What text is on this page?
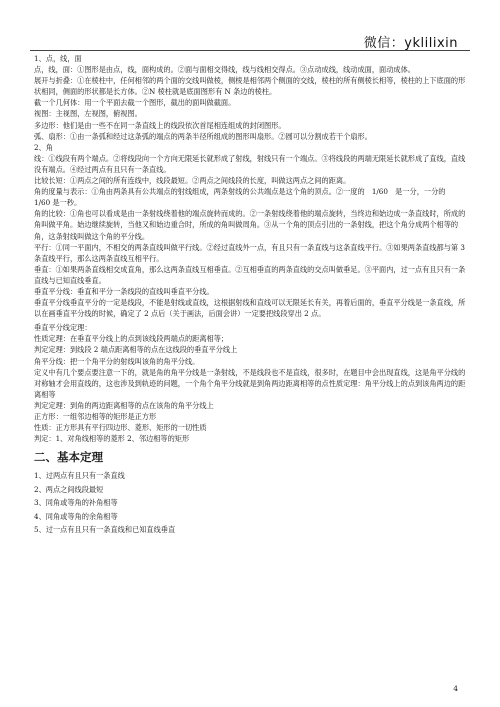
微信：yklilixin

1、点，线，面

点，线，面：①图形是由点，线，面构成的。②面与面相交得线，线与线相交得点。③点动成线，线动成面，面动成体。

展开与折叠：①在棱柱中，任何相邻的两个面的交线叫做棱，侧棱是相邻两个侧面的交线，棱柱的所有侧棱长相等，棱柱的上下底面的形状相同，侧面的形状都是长方体。②N 棱柱就是底面图形有 N 条边的棱柱。

截一个几何体：用一个平面去截一个图形，截出的面叫做截面。

视图：主视图，左视图，俯视图。

多边形：他们是由一些不在同一条直线上的线段依次首尾相连组成的封闭图形。

弧、扇形：①由一条弧和经过这条弧的端点的两条半径所组成的图形叫扇形。②圆可以分割成若干个扇形。

2、角

线：①线段有两个端点。②将线段向一个方向无限延长就形成了射线，射线只有一个端点。③将线段的两端无限延长就形成了直线，直线没有端点。④经过两点有且只有一条直线。

比较长短：①两点之间的所有连线中，线段最短。②两点之间线段的长度，叫做这两点之间的距离。

角的度量与表示：①角由两条具有公共端点的射线组成，两条射线的公共端点是这个角的顶点。②一度的　1/60　是一分，一分的　1/60 是一秒。

角的比较：①角也可以看成是由一条射线绕着他的端点旋转而成的。②一条射线绕着他的端点旋转，当终边和始边成一条直线时，所成的角叫做平角。始边继续旋转，当他又和始边重合时，所成的角叫做周角。③从一个角的顶点引出的一条射线，把这个角分成两个相等的角，这条射线叫做这个角的平分线。

平行：①同一平面内，不相交的两条直线叫做平行线。②经过直线外一点，有且只有一条直线与这条直线平行。③如果两条直线都与第 3 条直线平行，那么这两条直线互相平行。

垂直：①如果两条直线相交成直角，那么这两条直线互相垂直。②互相垂直的两条直线的交点叫做垂足。③平面内，过一点有且只有一条直线与已知直线垂直。

垂直平分线：垂直和平分一条线段的直线叫垂直平分线。

垂直平分线垂直平分的一定是线段，不能是射线或直线，这根据射线和直线可以无限延长有关，再着后面的，垂直平分线是一条直线，所以在画垂直平分线的时候，确定了 2 点后（关于画法，后面会讲）一定要把线段穿出 2 点。

垂直平分线定理：

性质定理：在垂直平分线上的点到该线段两端点的距离相等；

判定定理：到线段 2 端点距离相等的点在这线段的垂直平分线上

角平分线：把一个角平分的射线叫该角的角平分线。

定义中有几个要点要注意一下的，就是角的角平分线是一条射线，不是线段也不是直线，很多时，在题目中会出现直线，这是角平分线的对称轴才会用直线的，这也涉及到轨迹的问题，一个角个角平分线就是到角两边距离相等的点性质定理：角平分线上的点到该角两边的距离相等

判定定理：到角的两边距离相等的点在该角的角平分线上

正方形：一组邻边相等的矩形是正方形

性质：正方形具有平行四边形、菱形、矩形的一切性质

判定：1、对角线相等的菱形 2、邻边相等的矩形

二、基本定理

1、过两点有且只有一条直线

2、两点之间线段最短

3、同角或等角的补角相等

4、同角或等角的余角相等

5、过一点有且只有一条直线和已知直线垂直

4
